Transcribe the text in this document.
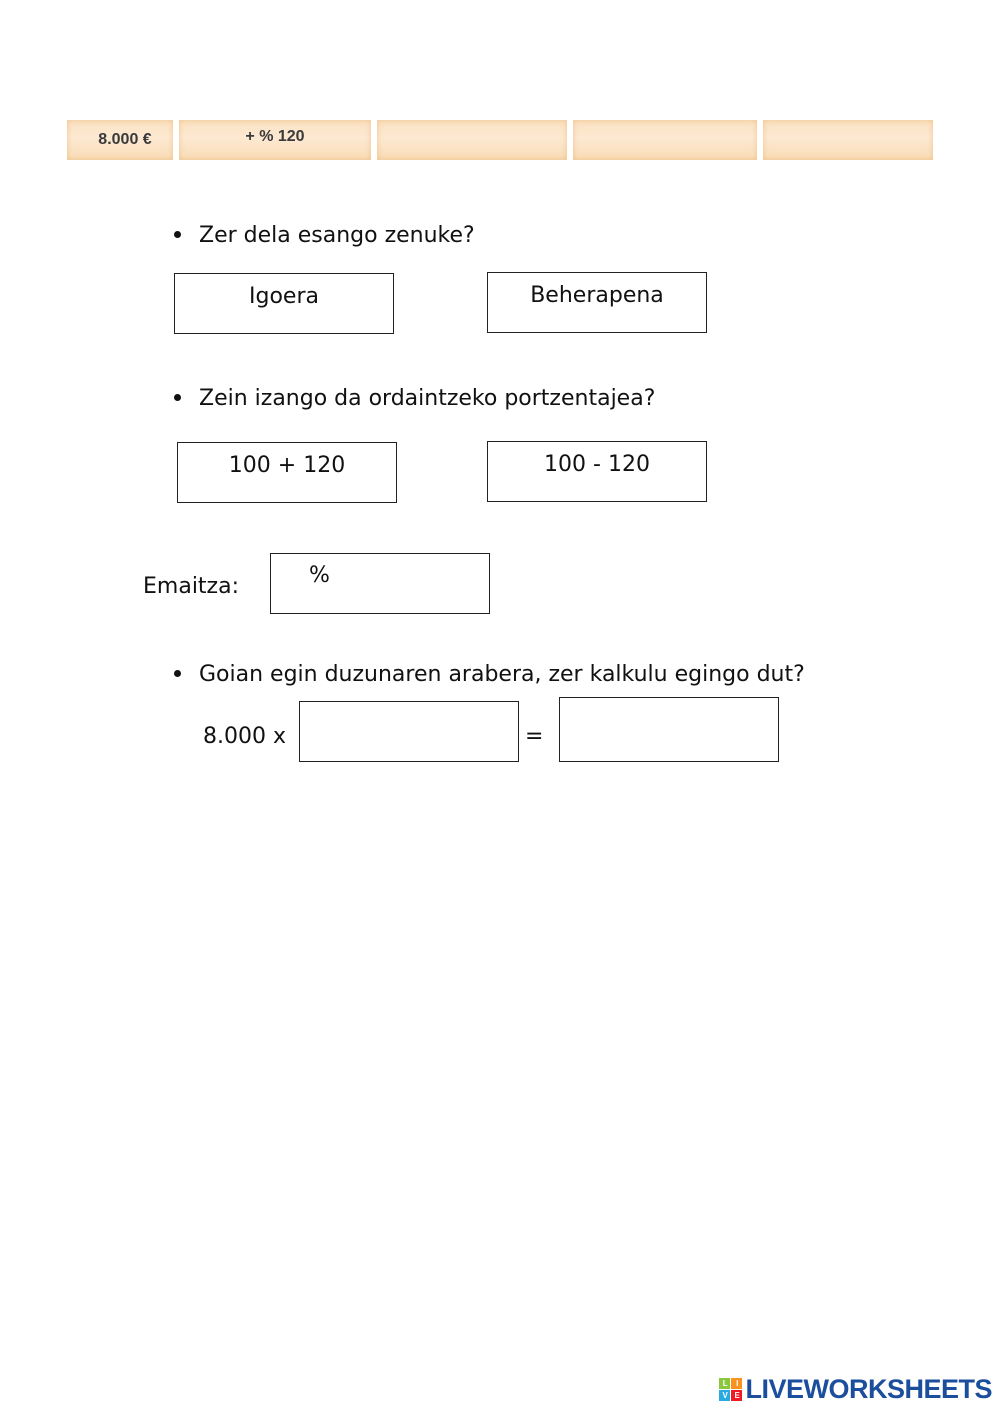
8.000 €	+ % 120
Zer dela esango zenuke?
Igoera	Beherapena
Zein izango da ordaintzeko portzentajea?
100 + 120	100 - 120
Emaitza:	%
Goian egin duzunaren arabera, zer kalkulu egingo dut?
8.000 x	=
L	I
V E LIVEWORKSHEETS
